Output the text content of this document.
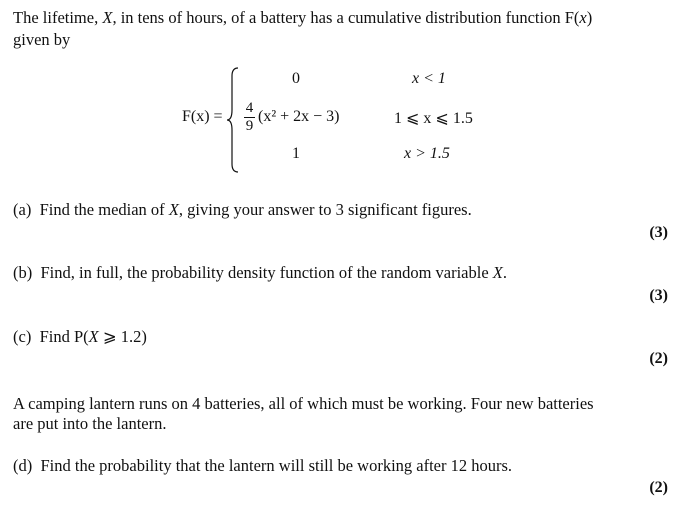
The lifetime, X, in tens of hours, of a battery has a cumulative distribution function F(x)
given by
F(x) =
0	x < 1
4
9
(x² + 2x − 3)	1 ⩽ x ⩽ 1.5
1	x > 1.5
(a) Find the median of X, giving your answer to 3 significant figures.
(3)
(b) Find, in full, the probability density function of the random variable X.
(3)
(c) Find P(X ⩾ 1.2)
(2)
A camping lantern runs on 4 batteries, all of which must be working. Four new batteries
are put into the lantern.
(d) Find the probability that the lantern will still be working after 12 hours.
(2)
